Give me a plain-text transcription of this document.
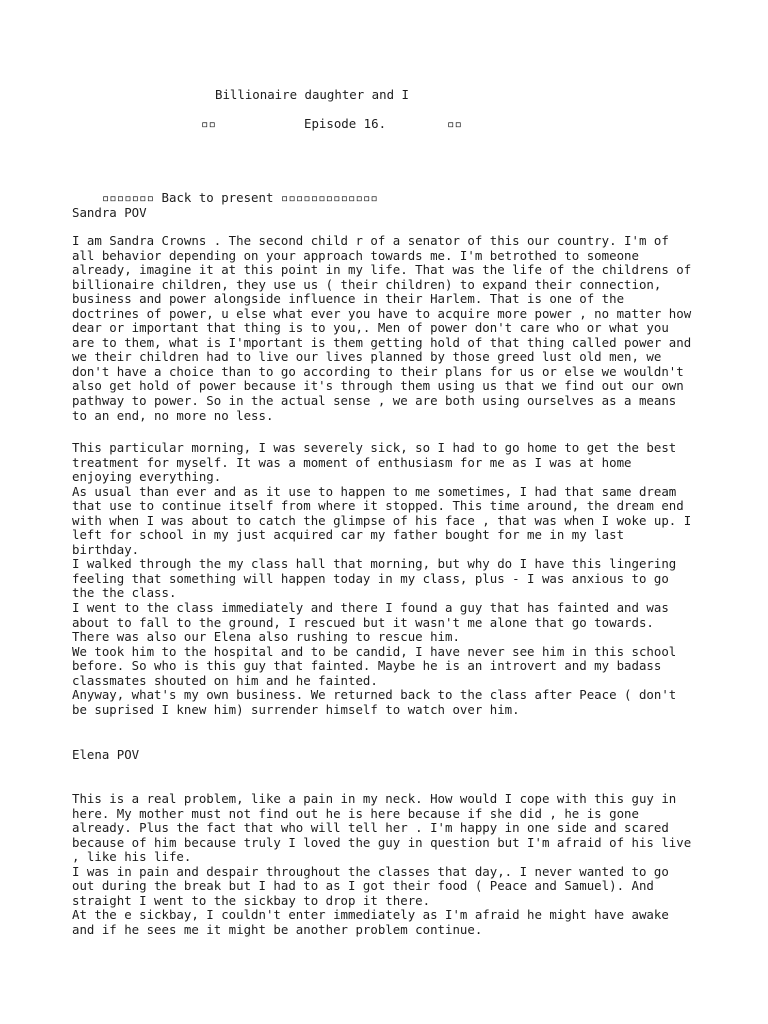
Billionaire daughter and I
▫▫	Episode 16.	▫▫

▫▫▫▫▫▫▫ Back to present ▫▫▫▫▫▫▫▫▫▫▫▫▫

Sandra POV
I am Sandra Crowns . The second child r of a senator of this our country. I'm of
all behavior depending on your approach towards me. I'm betrothed to someone
already, imagine it at this point in my life. That was the life of the childrens of
billionaire children, they use us ( their children) to expand their connection,
business and power alongside influence in their Harlem. That is one of the
doctrines of power, u else what ever you have to acquire more power , no matter how
dear or important that thing is to you,. Men of power don't care who or what you
are to them, what is I'mportant is them getting hold of that thing called power and
we their children had to live our lives planned by those greed lust old men, we
don't have a choice than to go according to their plans for us or else we wouldn't
also get hold of power because it's through them using us that we find out our own
pathway to power. So in the actual sense , we are both using ourselves as a means
to an end, no more no less.
This particular morning, I was severely sick, so I had to go home to get the best
treatment for myself. It was a moment of enthusiasm for me as I was at home
enjoying everything.
As usual than ever and as it use to happen to me sometimes, I had that same dream
that use to continue itself from where it stopped. This time around, the dream end
with when I was about to catch the glimpse of his face , that was when I woke up. I
left for school in my just acquired car my father bought for me in my last
birthday.
I walked through the my class hall that morning, but why do I have this lingering
feeling that something will happen today in my class, plus - I was anxious to go
the the class.
I went to the class immediately and there I found a guy that has fainted and was
about to fall to the ground, I rescued but it wasn't me alone that go towards.
There was also our Elena also rushing to rescue him.
We took him to the hospital and to be candid, I have never see him in this school
before. So who is this guy that fainted. Maybe he is an introvert and my badass
classmates shouted on him and he fainted.
Anyway, what's my own business. We returned back to the class after Peace ( don't
be suprised I knew him) surrender himself to watch over him.
Elena POV
This is a real problem, like a pain in my neck. How would I cope with this guy in
here. My mother must not find out he is here because if she did , he is gone
already. Plus the fact that who will tell her . I'm happy in one side and scared
because of him because truly I loved the guy in question but I'm afraid of his live
, like his life.
I was in pain and despair throughout the classes that day,. I never wanted to go
out during the break but I had to as I got their food ( Peace and Samuel). And
straight I went to the sickbay to drop it there.
At the e sickbay, I couldn't enter immediately as I'm afraid he might have awake
and if he sees me it might be another problem continue.
